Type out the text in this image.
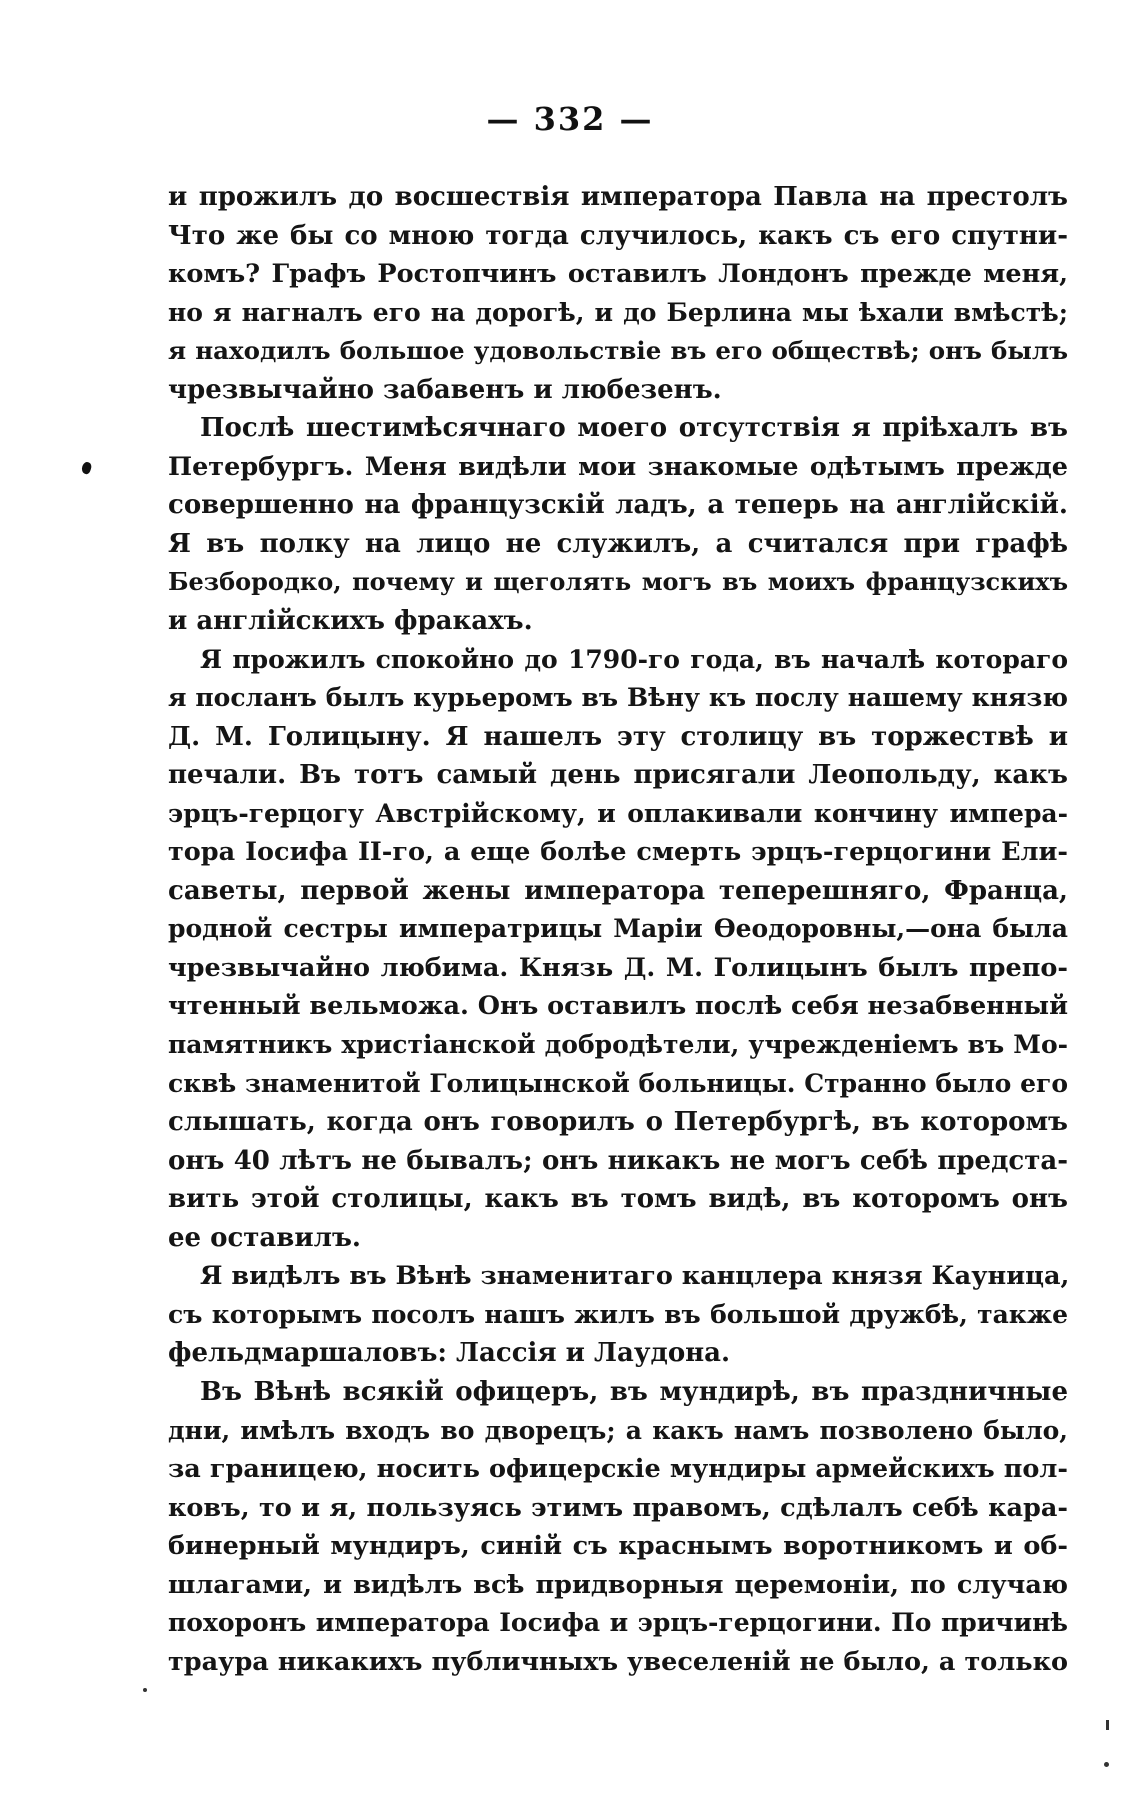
— 332 —
и прожилъ до восшествія императора Павла на престолъ
Что же бы со мною тогда случилось, какъ съ его спутни-
комъ? Графъ Ростопчинъ оставилъ Лондонъ прежде меня,
но я нагналъ его на дорогѣ, и до Берлина мы ѣхали вмѣстѣ;
я находилъ большое удовольствіе въ его обществѣ; онъ былъ
чрезвычайно забавенъ и любезенъ.
Послѣ шестимѣсячнаго моего отсутствія я пріѣхалъ въ
Петербургъ. Меня видѣли мои знакомые одѣтымъ прежде
совершенно на французскій ладъ, а теперь на англійскій.
Я въ полку на лицо не служилъ, а считался при графѣ
Безбородко, почему и щеголять могъ въ моихъ французскихъ
и англійскихъ фракахъ.
Я прожилъ спокойно до 1790-го года, въ началѣ котораго
я посланъ былъ курьеромъ въ Вѣну къ послу нашему князю
Д. М. Голицыну. Я нашелъ эту столицу въ торжествѣ и
печали. Въ тотъ самый день присягали Леопольду, какъ
эрцъ-герцогу Австрійскому, и оплакивали кончину импера-
тора Іосифа II-го, а еще болѣе смерть эрцъ-герцогини Ели-
саветы, первой жены императора теперешняго, Франца,
родной сестры императрицы Маріи Ѳеодоровны,—она была
чрезвычайно любима. Князь Д. М. Голицынъ былъ препо-
чтенный вельможа. Онъ оставилъ послѣ себя незабвенный
памятникъ христіанской добродѣтели, учрежденіемъ въ Мо-
сквѣ знаменитой Голицынской больницы. Странно было его
слышать, когда онъ говорилъ о Петербургѣ, въ которомъ
онъ 40 лѣтъ не бывалъ; онъ никакъ не могъ себѣ предста-
вить этой столицы, какъ въ томъ видѣ, въ которомъ онъ
ее оставилъ.
Я видѣлъ въ Вѣнѣ знаменитаго канцлера князя Кауница,
съ которымъ посолъ нашъ жилъ въ большой дружбѣ, также
фельдмаршаловъ: Лассія и Лаудона.
Въ Вѣнѣ всякій офицеръ, въ мундирѣ, въ праздничные
дни, имѣлъ входъ во дворецъ; а какъ намъ позволено было,
за границею, носить офицерскіе мундиры армейскихъ пол-
ковъ, то и я, пользуясь этимъ правомъ, сдѣлалъ себѣ кара-
бинерный мундиръ, синій съ краснымъ воротникомъ и об-
шлагами, и видѣлъ всѣ придворныя церемоніи, по случаю
похоронъ императора Іосифа и эрцъ-герцогини. По причинѣ
траура никакихъ публичныхъ увеселеній не было, а только
